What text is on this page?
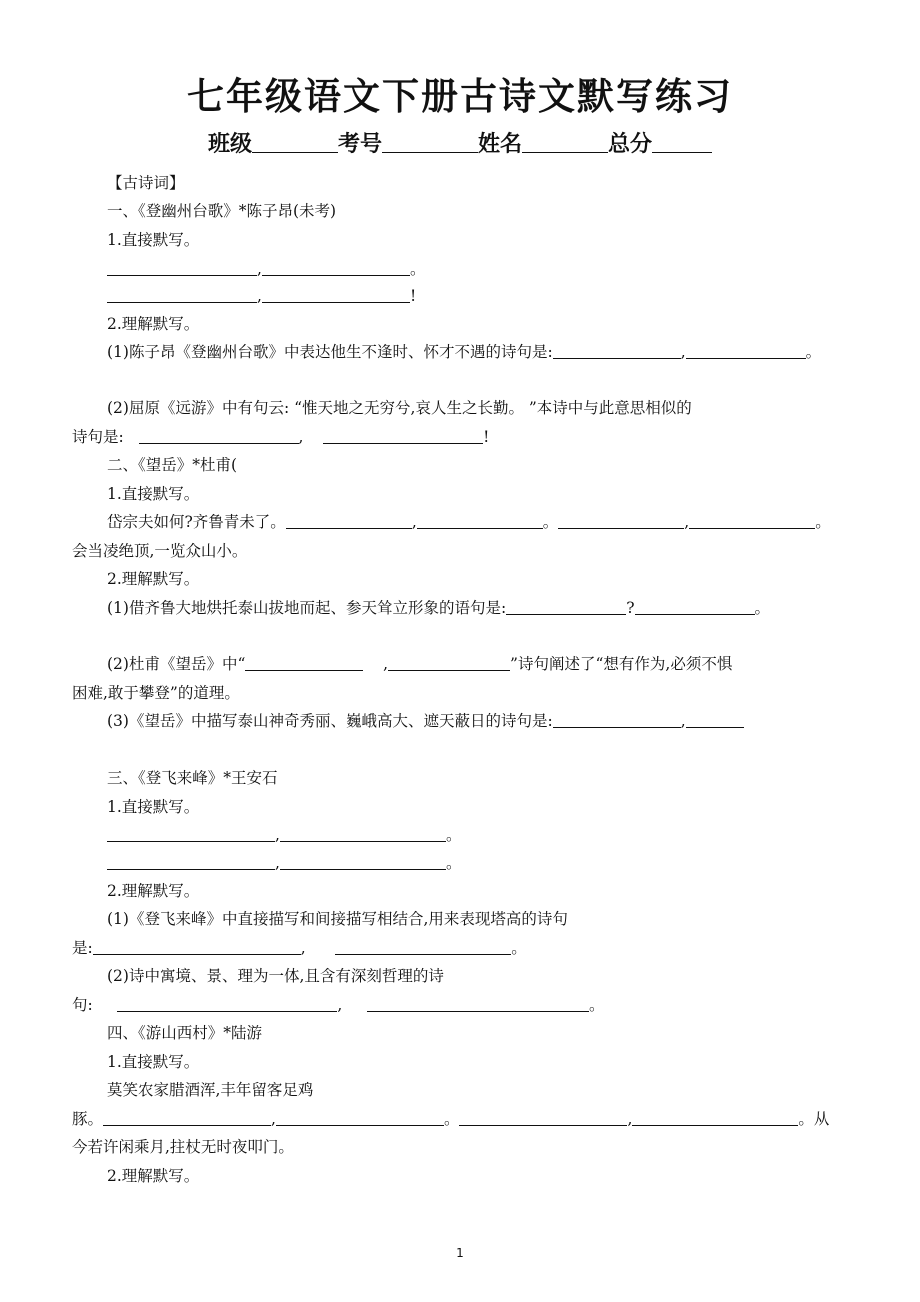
七年级语文下册古诗文默写练习
班级	考号	姓名	总分
【古诗词】
一、《登幽州台歌》*陈子昂(未考)
1.直接默写。
,	。
,	!
2.理解默写。
(1)陈子昂《登幽州台歌》中表达他生不逢时、怀才不遇的诗句是:	,	。
(2)屈原《远游》中有句云: “惟天地之无穷兮,哀人生之长勤。 ”本诗中与此意思相似的
诗句是:	,	!
二、《望岳》*杜甫(
1.直接默写。
岱宗夫如何?齐鲁青未了。	,	。	,	。
会当凌绝顶,一览众山小。
2.理解默写。
(1)借齐鲁大地烘托泰山拔地而起、参天耸立形象的语句是:	?	。
(2)杜甫《望岳》中“	,	”诗句阐述了“想有作为,必须不惧
困难,敢于攀登”的道理。
(3)《望岳》中描写泰山神奇秀丽、巍峨高大、遮天蔽日的诗句是:	,
三、《登飞来峰》*王安石
1.直接默写。
,	。
,	。
2.理解默写。
(1)《登飞来峰》中直接描写和间接描写相结合,用来表现塔高的诗句
是:	,	。
(2)诗中寓境、景、理为一体,且含有深刻哲理的诗
句:	,	。
四、《游山西村》*陆游
1.直接默写。
莫笑农家腊酒浑,丰年留客足鸡
豚。	,	。	,	。从
今若许闲乘月,拄杖无时夜叩门。
2.理解默写。
1
